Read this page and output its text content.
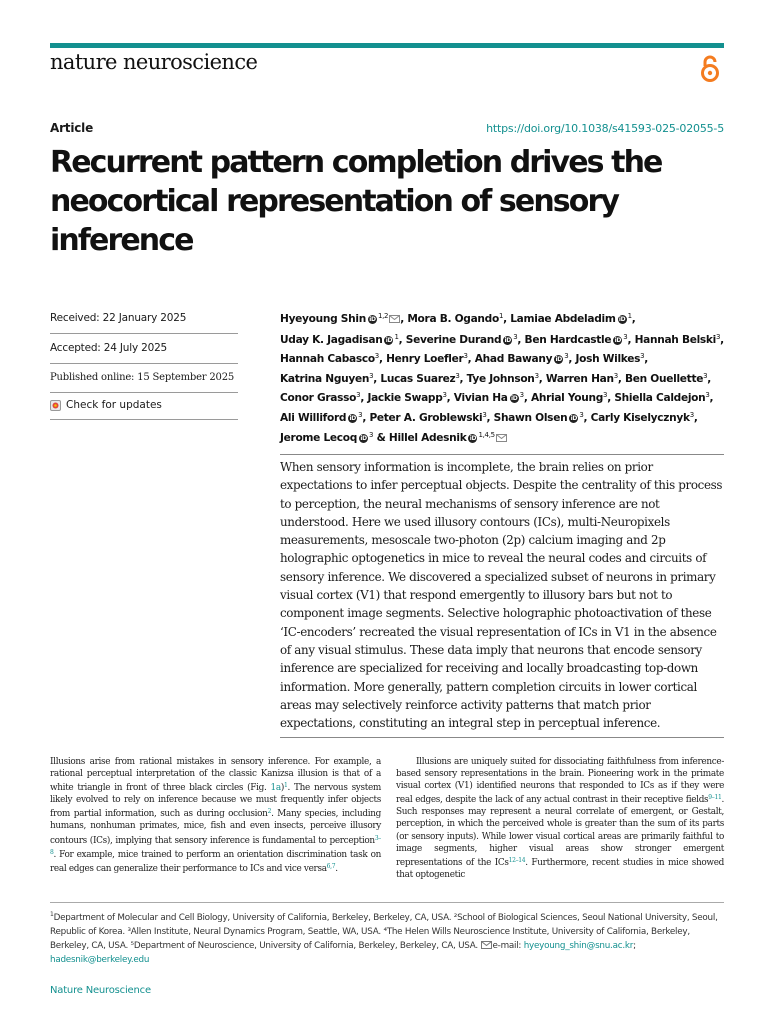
nature neuroscience
Article	https://doi.org/10.1038/s41593-025-02055-5
Recurrent pattern completion drives the neocortical representation of sensory inference
Received: 22 January 2025
Accepted: 24 July 2025
Published online: 15 September 2025
Check for updates
Hyeyoung Shin iD $^{1,2}$ , Mora B. Ogando$^1$, Lamiae Abdeladim iD $^1$,
Uday K. Jagadisan iD $^1$, Severine Durand iD $^3$, Ben Hardcastle iD $^3$, Hannah Belski$^3$,
Hannah Cabasco$^3$, Henry Loefler$^3$, Ahad Bawany iD $^3$, Josh Wilkes$^3$,
Katrina Nguyen$^3$, Lucas Suarez$^3$, Tye Johnson$^3$, Warren Han$^3$, Ben Ouellette$^3$,
Conor Grasso$^3$, Jackie Swapp$^3$, Vivian Ha iD $^3$, Ahrial Young$^3$, Shiella Caldejon$^3$,
Ali Williford iD $^3$, Peter A. Groblewski$^3$, Shawn Olsen iD $^3$, Carly Kiselycznyk$^3$,
Jerome Lecoq iD $^3$ & Hillel Adesnik iD $^{1,4,5}$
When sensory information is incomplete, the brain relies on prior expectations to infer perceptual objects. Despite the centrality of this process to perception, the neural mechanisms of sensory inference are not understood. Here we used illusory contours (ICs), multi-Neuropixels measurements, mesoscale two-photon (2p) calcium imaging and 2p holographic optogenetics in mice to reveal the neural codes and circuits of sensory inference. We discovered a specialized subset of neurons in primary visual cortex (V1) that respond emergently to illusory bars but not to component image segments. Selective holographic photoactivation of these ‘IC-encoders’ recreated the visual representation of ICs in V1 in the absence of any visual stimulus. These data imply that neurons that encode sensory inference are specialized for receiving and locally broadcasting top-down information. More generally, pattern completion circuits in lower cortical areas may selectively reinforce activity patterns that match prior expectations, constituting an integral step in perceptual inference.
Illusions arise from rational mistakes in sensory inference. For example, a rational perceptual interpretation of the classic Kanizsa illusion is that of a white triangle in front of three black circles (Fig. 1a)$^1$. The nervous system likely evolved to rely on inference because we must frequently infer objects from partial information, such as during occlusion$^2$. Many species, including humans, nonhuman primates, mice, fish and even insects, perceive illusory contours (ICs), implying that sensory inference is fundamental to perception$^{3-8}$. For example, mice trained to perform an orientation discrimination task on real edges can generalize their performance to ICs and vice versa$^{6,7}$.
Illusions are uniquely suited for dissociating faithfulness from inference-based sensory representations in the brain. Pioneering work in the primate visual cortex (V1) identified neurons that responded to ICs as if they were real edges, despite the lack of any actual contrast in their receptive fields$^{9-11}$. Such responses may represent a neural correlate of emergent, or Gestalt, perception, in which the perceived whole is greater than the sum of its parts (or sensory inputs). While lower visual cortical areas are primarily faithful to image segments, higher visual areas show stronger emergent representations of the ICs$^{12-14}$. Furthermore, recent studies in mice showed that optogenetic
$^1$Department of Molecular and Cell Biology, University of California, Berkeley, Berkeley, CA, USA. ²School of Biological Sciences, Seoul National University, Seoul, Republic of Korea. ³Allen Institute, Neural Dynamics Program, Seattle, WA, USA. ⁴The Helen Wills Neuroscience Institute, University of California, Berkeley, Berkeley, CA, USA. ⁵Department of Neuroscience, University of California, Berkeley, Berkeley, CA, USA. e-mail: hyeyoung_shin@snu.ac.kr; hadesnik@berkeley.edu
Nature Neuroscience
